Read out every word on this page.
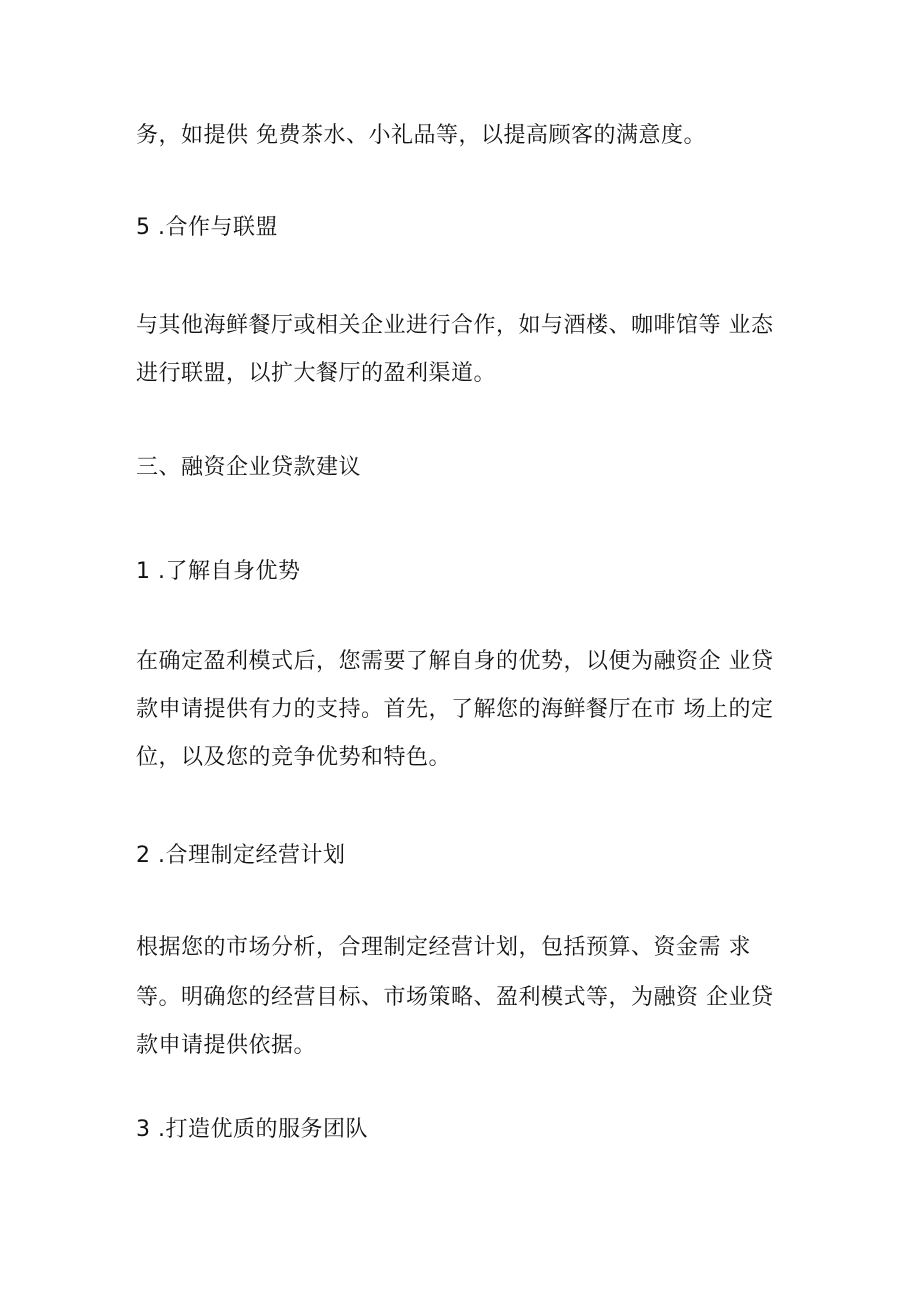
务，如提供 免费茶水、小礼品等，以提高顾客的满意度。
5 .合作与联盟
与其他海鲜餐厅或相关企业进行合作，如与酒楼、咖啡馆等 业态
进行联盟，以扩大餐厅的盈利渠道。
三、融资企业贷款建议
1 .了解自身优势
在确定盈利模式后，您需要了解自身的优势，以便为融资企 业贷
款申请提供有力的支持。首先，了解您的海鲜餐厅在市 场上的定
位，以及您的竞争优势和特色。
2 .合理制定经营计划
根据您的市场分析，合理制定经营计划，包括预算、资金需 求
等。明确您的经营目标、市场策略、盈利模式等，为融资 企业贷
款申请提供依据。
3 .打造优质的服务团队
